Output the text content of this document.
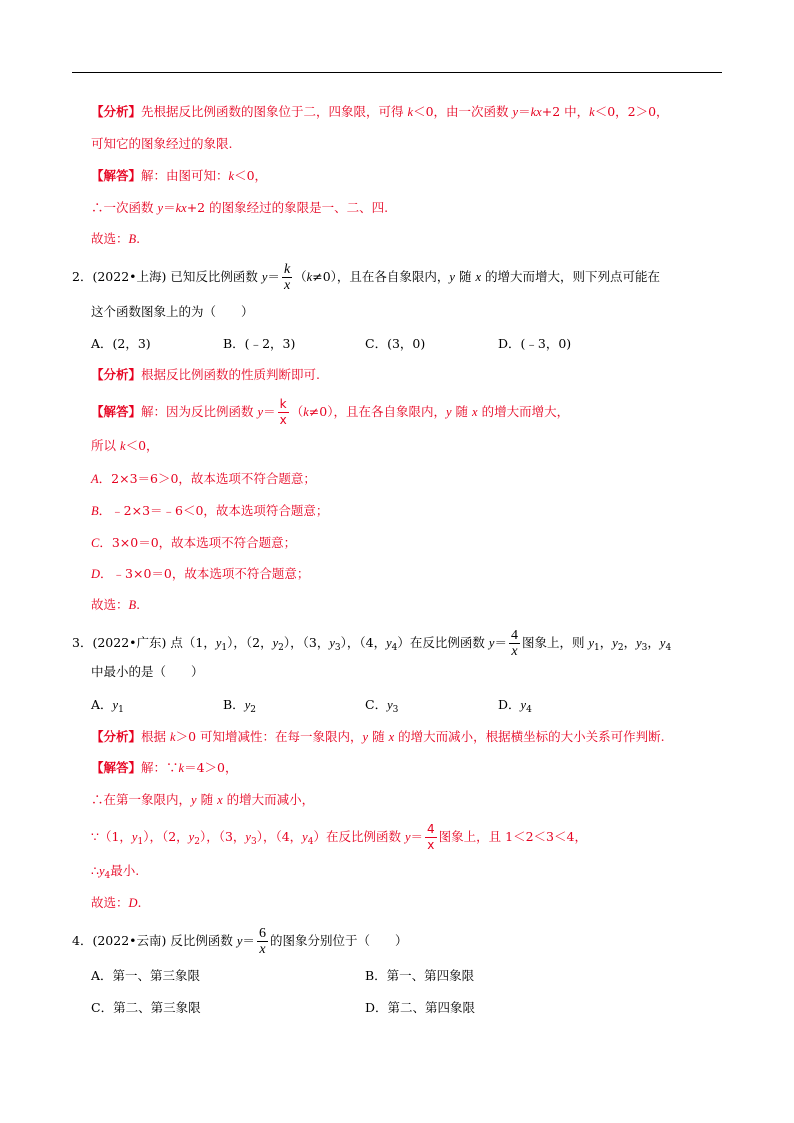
【分析】先根据反比例函数的图象位于二，四象限，可得 k＜0，由一次函数 y＝kx+2 中，k＜0，2＞0，
可知它的图象经过的象限.
【解答】解：由图可知：k＜0，
∴一次函数 y＝kx+2 的图象经过的象限是一、二、四.
故选：B.
2．(2022•上海) 已知反比例函数 $y= \frac{k}{x} (k\ne 0)$，且在各自象限内，y 随 x 的增大而增大，则下列点可能在
这个函数图象上的为（　　）
A．(2，3)	B．(﹣2，3)	C．(3，0)	D．(﹣3，0)
【分析】根据反比例函数的性质判断即可.
【解答】解：因为反比例函数 $y= \frac{k}{x} (k\ne 0)$，且在各自象限内，y 随 x 的增大而增大，
所以 k＜0，
A．2×3＝6＞0，故本选项不符合题意；
B．﹣2×3＝﹣6＜0，故本选项符合题意；
C．3×0＝0，故本选项不符合题意；
D．﹣3×0＝0，故本选项不符合题意；
故选：B.
3．(2022•广东) 点（1，$y_1$），（2，$y_2$），（3，$y_3$），（4，$y_4$）在反比例函数 $y= \frac{4}{x}$ 图象上，则 $y_1$，$y_2$，$y_3$，$y_4$
中最小的是（　　）
A．$y_1$	B．$y_2$	C．$y_3$	D．$y_4$
【分析】根据 k＞0 可知增减性：在每一象限内，y 随 x 的增大而减小，根据横坐标的大小关系可作判断.
【解答】解：∵k＝4＞0，
∴在第一象限内，y 随 x 的增大而减小，
∵（1，$y_1$），（2，$y_2$），（3，$y_3$），（4，$y_4$）在反比例函数 $y= \frac{4}{x}$ 图象上，且 1＜2＜3＜4，
$\therefore y_4$最小.
故选：D.
4．(2022•云南) 反比例函数 $y= \frac{6}{x}$ 的图象分别位于（　　）
A．第一、第三象限	B．第一、第四象限
C．第二、第三象限	D．第二、第四象限
